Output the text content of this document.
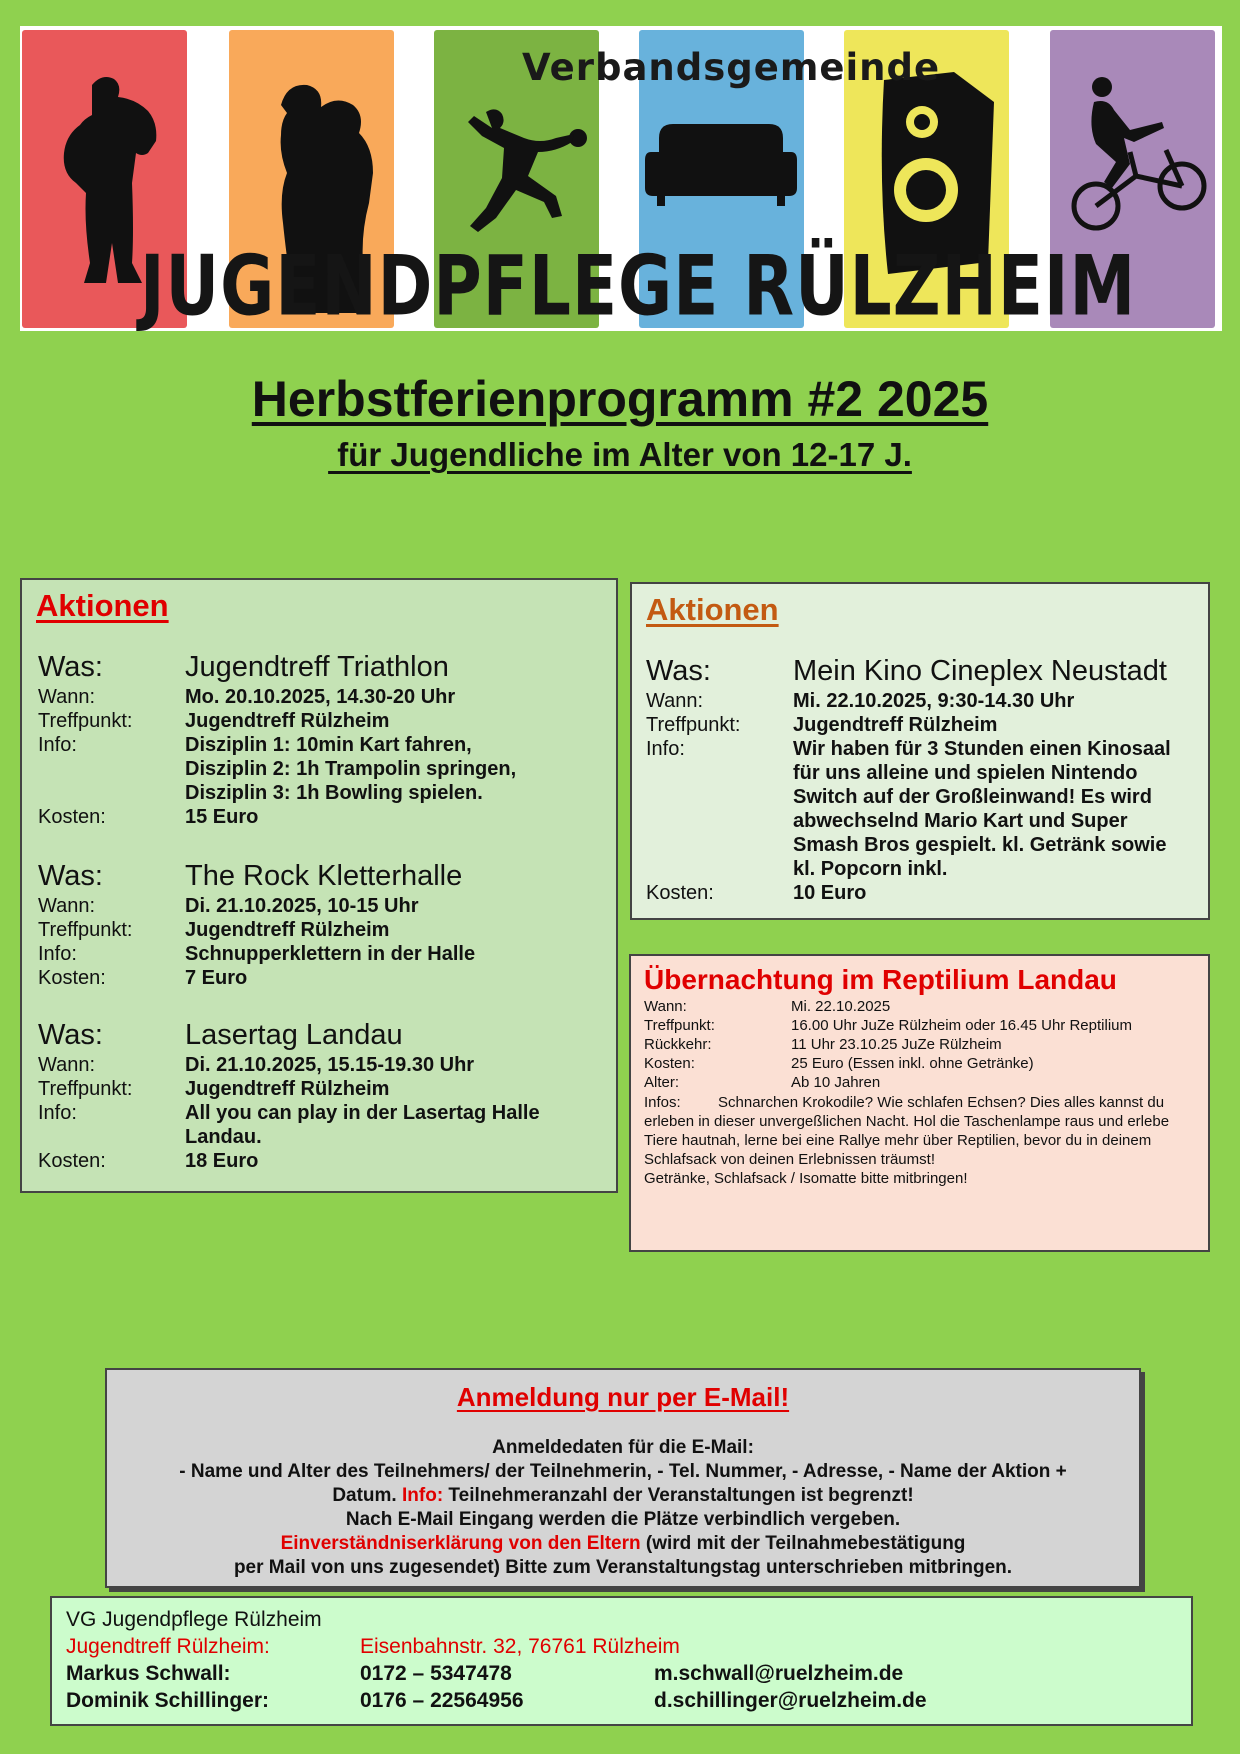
Verbandsgemeinde
JUGENDPFLEGE RÜLZHEIM
Herbstferienprogramm #2 2025
für Jugendliche im Alter von 12-17 J.
Aktionen
Was:	Jugendtreff Triathlon
Wann:	Mo. 20.10.2025, 14.30-20 Uhr
Treffpunkt:	Jugendtreff Rülzheim
Info:	Disziplin 1: 10min Kart fahren,
Disziplin 2: 1h Trampolin springen,
Disziplin 3: 1h Bowling spielen.
Kosten:	15 Euro
Was:	The Rock Kletterhalle
Wann:	Di. 21.10.2025, 10-15 Uhr
Treffpunkt:	Jugendtreff Rülzheim
Info:	Schnupperklettern in der Halle
Kosten:	7 Euro
Was:	Lasertag Landau
Wann:	Di. 21.10.2025, 15.15-19.30 Uhr
Treffpunkt:	Jugendtreff Rülzheim
Info:	All you can play in der Lasertag Halle
Landau.
Kosten:	18 Euro
Aktionen
Was:	Mein Kino Cineplex Neustadt
Wann:	Mi. 22.10.2025, 9:30-14.30 Uhr
Treffpunkt:	Jugendtreff Rülzheim
Info:	Wir haben für 3 Stunden einen Kinosaal
für uns alleine und spielen Nintendo
Switch auf der Großleinwand! Es wird
abwechselnd Mario Kart und Super
Smash Bros gespielt. kl. Getränk sowie
kl. Popcorn inkl.
Kosten:	10 Euro
Übernachtung im Reptilium Landau
Wann:	Mi. 22.10.2025
Treffpunkt:	16.00 Uhr JuZe Rülzheim oder 16.45 Uhr Reptilium
Rückkehr:	11 Uhr 23.10.25 JuZe Rülzheim
Kosten:	25 Euro (Essen inkl. ohne Getränke)
Alter:	Ab 10 Jahren
Infos: Schnarchen Krokodile? Wie schlafen Echsen? Dies alles kannst du erleben in dieser unvergeßlichen Nacht. Hol die Taschenlampe raus und erlebe Tiere hautnah, lerne bei eine Rallye mehr über Reptilien, bevor du in deinem Schlafsack von deinen Erlebnissen träumst!
Getränke, Schlafsack / Isomatte bitte mitbringen!
Anmeldung nur per E-Mail!
Anmeldedaten für die E-Mail:
- Name und Alter des Teilnehmers/ der Teilnehmerin, - Tel. Nummer, - Adresse, - Name der Aktion +
Datum. Info: Teilnehmeranzahl der Veranstaltungen ist begrenzt!
Nach E-Mail Eingang werden die Plätze verbindlich vergeben.
Einverständniserklärung von den Eltern (wird mit der Teilnahmebestätigung
per Mail von uns zugesendet) Bitte zum Veranstaltungstag unterschrieben mitbringen.
VG Jugendpflege Rülzheim
Jugendtreff Rülzheim:	Eisenbahnstr. 32, 76761 Rülzheim
Markus Schwall:	0172 – 5347478	m.schwall@ruelzheim.de
Dominik Schillinger:	0176 – 22564956	d.schillinger@ruelzheim.de
